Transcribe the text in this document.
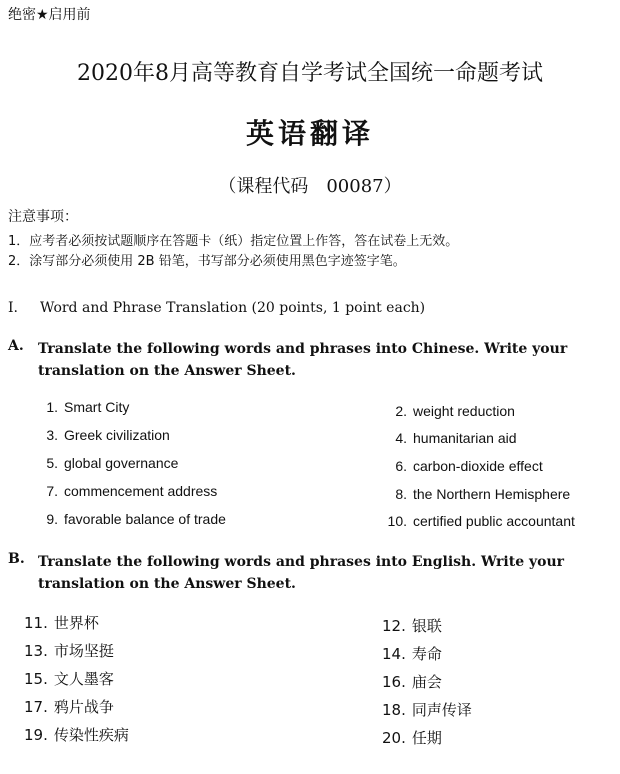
绝密★启用前
2020年8月高等教育自学考试全国统一命题考试
英语翻译
（课程代码　00087）
注意事项：
1．应考者必须按试题顺序在答题卡（纸）指定位置上作答，答在试卷上无效。
2．涂写部分必须使用 2B 铅笔，书写部分必须使用黑色字迹签字笔。
I. Word and Phrase Translation (20 points, 1 point each)
A. Translate the following words and phrases into Chinese. Write your translation on the Answer Sheet.
1. Smart City	2. weight reduction
3. Greek civilization	4. humanitarian aid
5. global governance	6. carbon-dioxide effect
7. commencement address	8. the Northern Hemisphere
9. favorable balance of trade	10. certified public accountant
B. Translate the following words and phrases into English. Write your translation on the Answer Sheet.
11. 世界杯	12. 银联
13. 市场坚挺	14. 寿命
15. 文人墨客	16. 庙会
17. 鸦片战争	18. 同声传译
19. 传染性疾病	20. 任期
